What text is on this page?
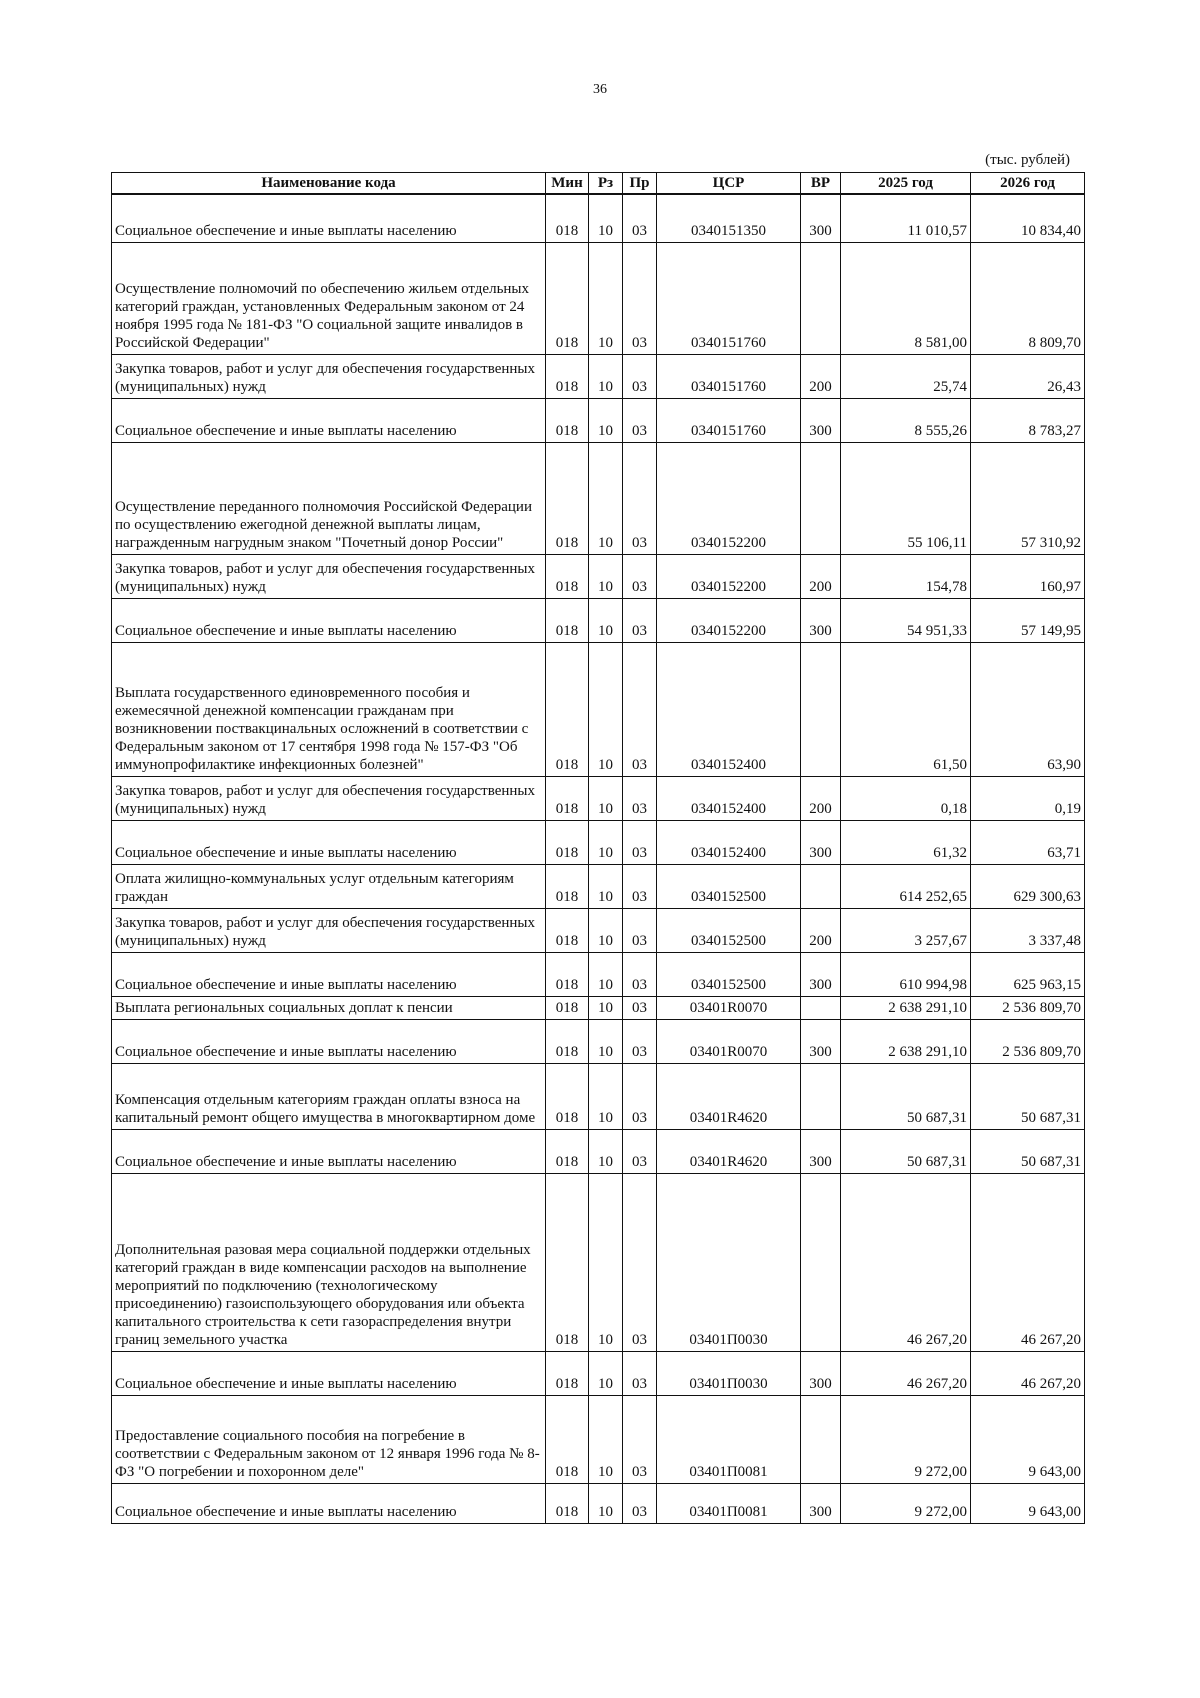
36
(тыс. рублей)
Наименование кода	Мин	Рз	Пр	ЦСР	ВР	2025 год	2026 год
Социальное обеспечение и иные выплаты населению	018	10	03	0340151350	300	11 010,57	10 834,40
Осуществление полномочий по обеспечению жильем отдельных категорий граждан, установленных Федеральным законом от 24 ноября 1995 года № 181-ФЗ "О социальной защите инвалидов в Российской Федерации"	018	10	03	0340151760		8 581,00	8 809,70
Закупка товаров, работ и услуг для обеспечения государственных (муниципальных) нужд	018	10	03	0340151760	200	25,74	26,43
Социальное обеспечение и иные выплаты населению	018	10	03	0340151760	300	8 555,26	8 783,27
Осуществление переданного полномочия Российской Федерации по осуществлению ежегодной денежной выплаты лицам, награжденным нагрудным знаком "Почетный донор России"	018	10	03	0340152200		55 106,11	57 310,92
Закупка товаров, работ и услуг для обеспечения государственных (муниципальных) нужд	018	10	03	0340152200	200	154,78	160,97
Социальное обеспечение и иные выплаты населению	018	10	03	0340152200	300	54 951,33	57 149,95
Выплата государственного единовременного пособия и ежемесячной денежной компенсации гражданам при возникновении поствакцинальных осложнений в соответствии с Федеральным законом от 17 сентября 1998 года № 157-ФЗ "Об иммунопрофилактике инфекционных болезней"	018	10	03	0340152400		61,50	63,90
Закупка товаров, работ и услуг для обеспечения государственных (муниципальных) нужд	018	10	03	0340152400	200	0,18	0,19
Социальное обеспечение и иные выплаты населению	018	10	03	0340152400	300	61,32	63,71
Оплата жилищно-коммунальных услуг отдельным категориям граждан	018	10	03	0340152500		614 252,65	629 300,63
Закупка товаров, работ и услуг для обеспечения государственных (муниципальных) нужд	018	10	03	0340152500	200	3 257,67	3 337,48
Социальное обеспечение и иные выплаты населению	018	10	03	0340152500	300	610 994,98	625 963,15
Выплата региональных социальных доплат к пенсии	018	10	03	03401R0070		2 638 291,10	2 536 809,70
Социальное обеспечение и иные выплаты населению	018	10	03	03401R0070	300	2 638 291,10	2 536 809,70
Компенсация отдельным категориям граждан оплаты взноса на капитальный ремонт общего имущества в многоквартирном доме	018	10	03	03401R4620		50 687,31	50 687,31
Социальное обеспечение и иные выплаты населению	018	10	03	03401R4620	300	50 687,31	50 687,31
Дополнительная разовая мера социальной поддержки отдельных категорий граждан в виде компенсации расходов на выполнение мероприятий по подключению (технологическому присоединению) газоиспользующего оборудования или объекта капитального строительства к сети газораспределения внутри границ земельного участка	018	10	03	03401П0030		46 267,20	46 267,20
Социальное обеспечение и иные выплаты населению	018	10	03	03401П0030	300	46 267,20	46 267,20
Предоставление социального пособия на погребение в соответствии с Федеральным законом от 12 января 1996 года № 8-ФЗ "О погребении и похоронном деле"	018	10	03	03401П0081		9 272,00	9 643,00
Социальное обеспечение и иные выплаты населению	018	10	03	03401П0081	300	9 272,00	9 643,00
